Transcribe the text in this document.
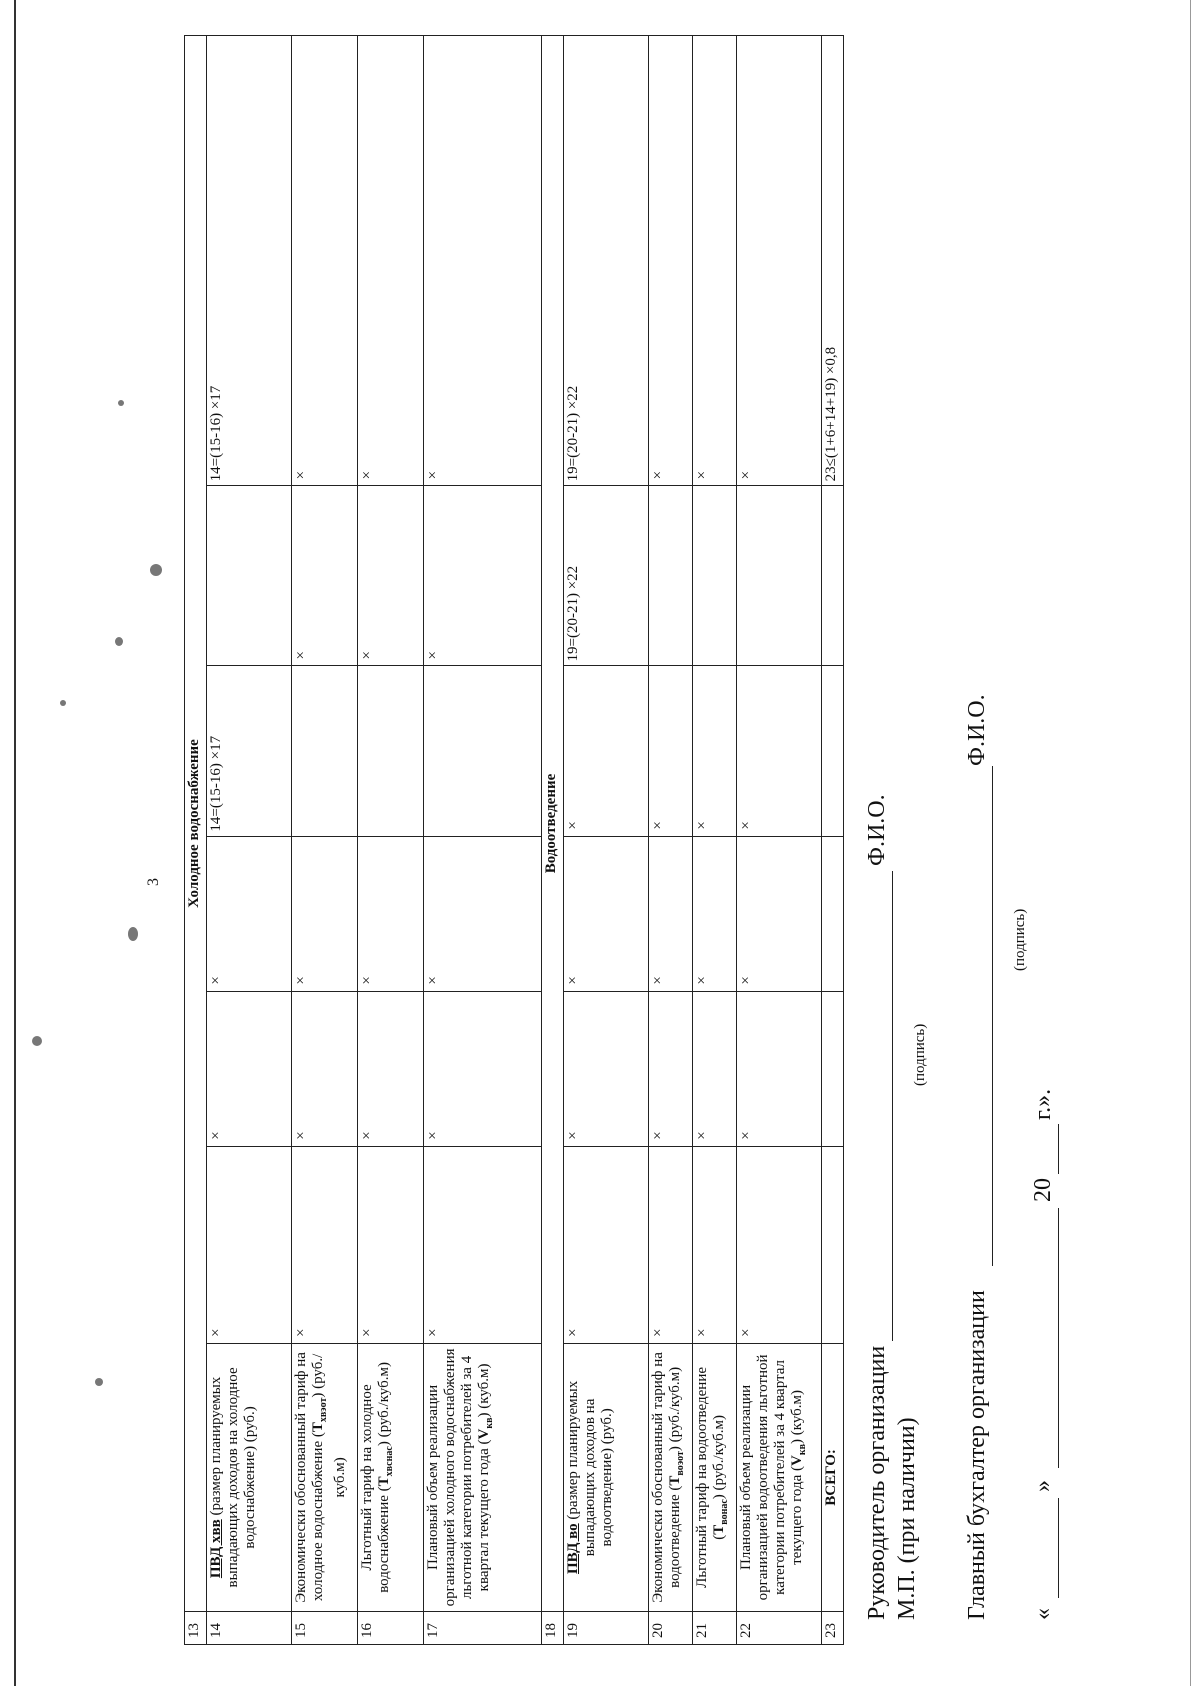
3
13	Холодное водоснабжение						
14	ПВД хвв (размер планируемых выпадающих доходов на холодное водоснабжение) (руб.)	×	×	×	14=(15-16) ×17		14=(15-16) ×17
15	Экономически обоснованный тариф на холодное водоснабжение $(Т_{хвэот})$ (руб./куб.м)	×	×	×		×	×
16	Льготный тариф на холодное водоснабжение $(Т_{хвснас})$ (руб./куб.м)	×	×	×		×	×
17	Плановый объем реализации организацией холодного водоснабжения льготной категории потребителей за 4 квартал текущего года $(V_{кв})$ (куб.м)	×	×	×		×	×
18	Водоотведение						
19	ПВД во (размер планируемых выпадающих доходов на водоотведение) (руб.)	×	×	×	×	19=(20-21) ×22	19=(20-21) ×22
20	Экономически обоснованный тариф на водоотведение $(Т_{воэот})$ (руб./куб.м)	×	×	×	×		×
21	Льготный тариф на водоотведение $(Т_{вонас})$ (руб./куб.м)	×	×	×	×		×
22	Плановый объем реализации организацией водоотведения льготной категории потребителей за 4 квартал текущего года $(V_{кв})$ (куб.м)	×	×	×	×		×
23	ВСЕГО:						23≤(1+6+14+19) ×0,8
Руководитель организации
Ф.И.О.
М.П. (при наличии)
(подпись)
Главный бухгалтер организации
Ф.И.О.
(подпись)
«
»
20
г.».
